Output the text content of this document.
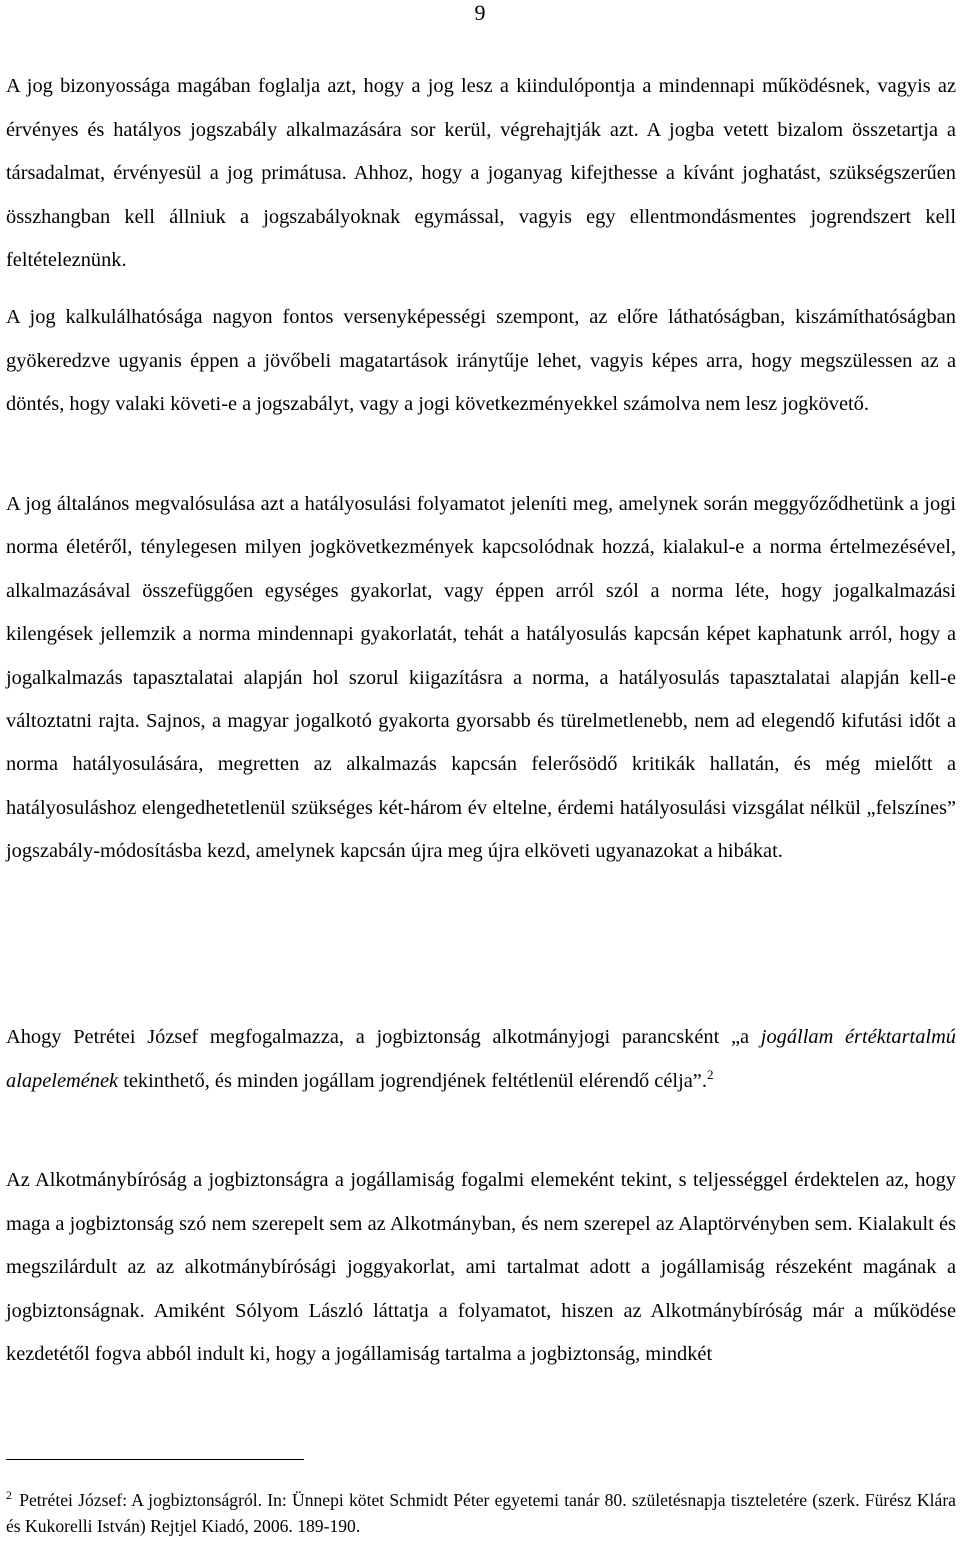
9

A jog bizonyossága magában foglalja azt, hogy a jog lesz a kiindulópontja a mindennapi működésnek, vagyis az érvényes és hatályos jogszabály alkalmazására sor kerül, végrehajtják azt. A jogba vetett bizalom összetartja a társadalmat, érvényesül a jog primátusa. Ahhoz, hogy a joganyag kifejthesse a kívánt joghatást, szükségszerűen összhangban kell állniuk a jogszabályoknak egymással, vagyis egy ellentmondásmentes jogrendszert kell feltételeznünk.

A jog kalkulálhatósága nagyon fontos versenyképességi szempont, az előre láthatóságban, kiszámíthatóságban gyökeredzve ugyanis éppen a jövőbeli magatartások iránytűje lehet, vagyis képes arra, hogy megszülessen az a döntés, hogy valaki követi-e a jogszabályt, vagy a jogi következményekkel számolva nem lesz jogkövető.

A jog általános megvalósulása azt a hatályosulási folyamatot jeleníti meg, amelynek során meggyőződhetünk a jogi norma életéről, ténylegesen milyen jogkövetkezmények kapcsolódnak hozzá, kialakul-e a norma értelmezésével, alkalmazásával összefüggően egységes gyakorlat, vagy éppen arról szól a norma léte, hogy jogalkalmazási kilengések jellemzik a norma mindennapi gyakorlatát, tehát a hatályosulás kapcsán képet kaphatunk arról, hogy a jogalkalmazás tapasztalatai alapján hol szorul kiigazításra a norma, a hatályosulás tapasztalatai alapján kell-e változtatni rajta. Sajnos, a magyar jogalkotó gyakorta gyorsabb és türelmetlenebb, nem ad elegendő kifutási időt a norma hatályosulására, megretten az alkalmazás kapcsán felerősödő kritikák hallatán, és még mielőtt a hatályosuláshoz elengedhetetlenül szükséges két-három év eltelne, érdemi hatályosulási vizsgálat nélkül „felszínes” jogszabály-módosításba kezd, amelynek kapcsán újra meg újra elköveti ugyanazokat a hibákat.

Ahogy Petrétei József megfogalmazza, a jogbiztonság alkotmányjogi parancsként „a jogállam értéktartalmú alapelemének tekinthető, és minden jogállam jogrendjének feltétlenül elérendő célja”.$^2$

Az Alkotmánybíróság a jogbiztonságra a jogállamiság fogalmi elemeként tekint, s teljességgel érdektelen az, hogy maga a jogbiztonság szó nem szerepelt sem az Alkotmányban, és nem szerepel az Alaptörvényben sem. Kialakult és megszilárdult az az alkotmánybírósági joggyakorlat, ami tartalmat adott a jogállamiság részeként magának a jogbiztonságnak. Amiként Sólyom László láttatja a folyamatot, hiszen az Alkotmánybíróság már a működése kezdetétől fogva abból indult ki, hogy a jogállamiság tartalma a jogbiztonság, mindkét

$^2$ Petrétei József: A jogbiztonságról. In: Ünnepi kötet Schmidt Péter egyetemi tanár 80. születésnapja tiszteletére (szerk. Fürész Klára és Kukorelli István) Rejtjel Kiadó, 2006. 189-190.
